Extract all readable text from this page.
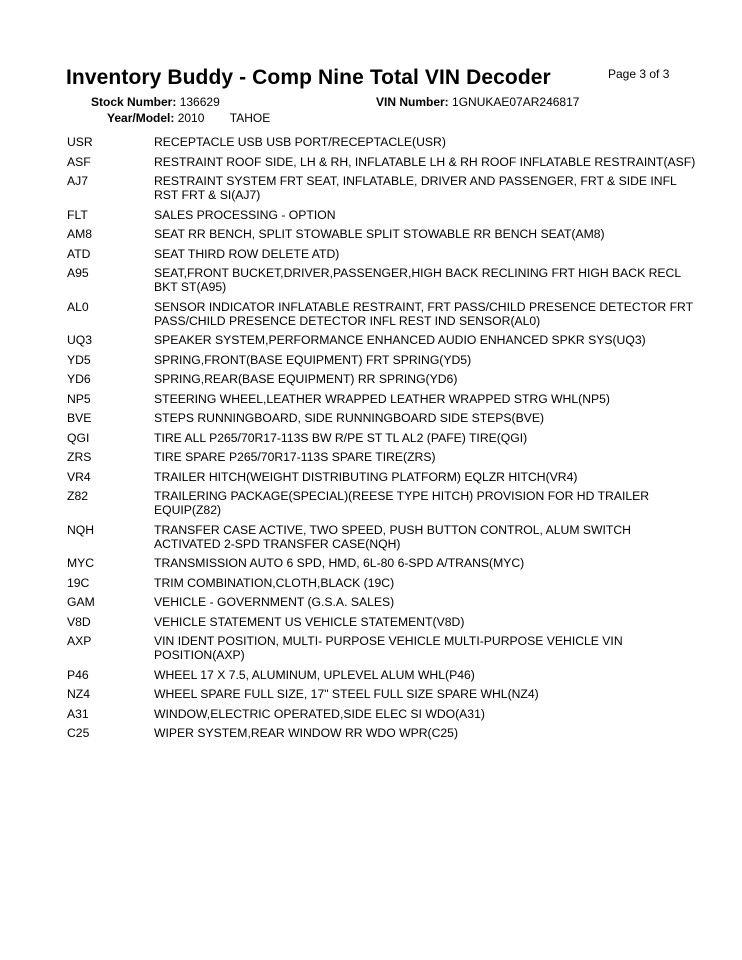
Inventory Buddy - Comp Nine Total VIN Decoder	Page 3 of 3
Stock Number: 136629	VIN Number: 1GNUKAE07AR246817
Year/Model: 2010 TAHOE
USR	RECEPTACLE USB USB PORT/RECEPTACLE(USR)
ASF	RESTRAINT ROOF SIDE, LH & RH, INFLATABLE LH & RH ROOF INFLATABLE RESTRAINT(ASF)
AJ7	RESTRAINT SYSTEM FRT SEAT, INFLATABLE, DRIVER AND PASSENGER, FRT & SIDE INFL RST FRT & SI(AJ7)
FLT	SALES PROCESSING - OPTION
AM8	SEAT RR BENCH, SPLIT STOWABLE SPLIT STOWABLE RR BENCH SEAT(AM8)
ATD	SEAT THIRD ROW DELETE ATD)
A95	SEAT,FRONT BUCKET,DRIVER,PASSENGER,HIGH BACK RECLINING FRT HIGH BACK RECL BKT ST(A95)
AL0	SENSOR INDICATOR INFLATABLE RESTRAINT, FRT PASS/CHILD PRESENCE DETECTOR FRT PASS/CHILD PRESENCE DETECTOR INFL REST IND SENSOR(AL0)
UQ3	SPEAKER SYSTEM,PERFORMANCE ENHANCED AUDIO ENHANCED SPKR SYS(UQ3)
YD5	SPRING,FRONT(BASE EQUIPMENT) FRT SPRING(YD5)
YD6	SPRING,REAR(BASE EQUIPMENT) RR SPRING(YD6)
NP5	STEERING WHEEL,LEATHER WRAPPED LEATHER WRAPPED STRG WHL(NP5)
BVE	STEPS RUNNINGBOARD, SIDE RUNNINGBOARD SIDE STEPS(BVE)
QGI	TIRE ALL P265/70R17-113S BW R/PE ST TL AL2 (PAFE) TIRE(QGI)
ZRS	TIRE SPARE P265/70R17-113S SPARE TIRE(ZRS)
VR4	TRAILER HITCH(WEIGHT DISTRIBUTING PLATFORM) EQLZR HITCH(VR4)
Z82	TRAILERING PACKAGE(SPECIAL)(REESE TYPE HITCH) PROVISION FOR HD TRAILER EQUIP(Z82)
NQH	TRANSFER CASE ACTIVE, TWO SPEED, PUSH BUTTON CONTROL, ALUM SWITCH ACTIVATED 2-SPD TRANSFER CASE(NQH)
MYC	TRANSMISSION AUTO 6 SPD, HMD, 6L-80 6-SPD A/TRANS(MYC)
19C	TRIM COMBINATION,CLOTH,BLACK (19C)
GAM	VEHICLE - GOVERNMENT (G.S.A. SALES)
V8D	VEHICLE STATEMENT US VEHICLE STATEMENT(V8D)
AXP	VIN IDENT POSITION, MULTI- PURPOSE VEHICLE MULTI-PURPOSE VEHICLE VIN POSITION(AXP)
P46	WHEEL 17 X 7.5, ALUMINUM, UPLEVEL ALUM WHL(P46)
NZ4	WHEEL SPARE FULL SIZE, 17" STEEL FULL SIZE SPARE WHL(NZ4)
A31	WINDOW,ELECTRIC OPERATED,SIDE ELEC SI WDO(A31)
C25	WIPER SYSTEM,REAR WINDOW RR WDO WPR(C25)
